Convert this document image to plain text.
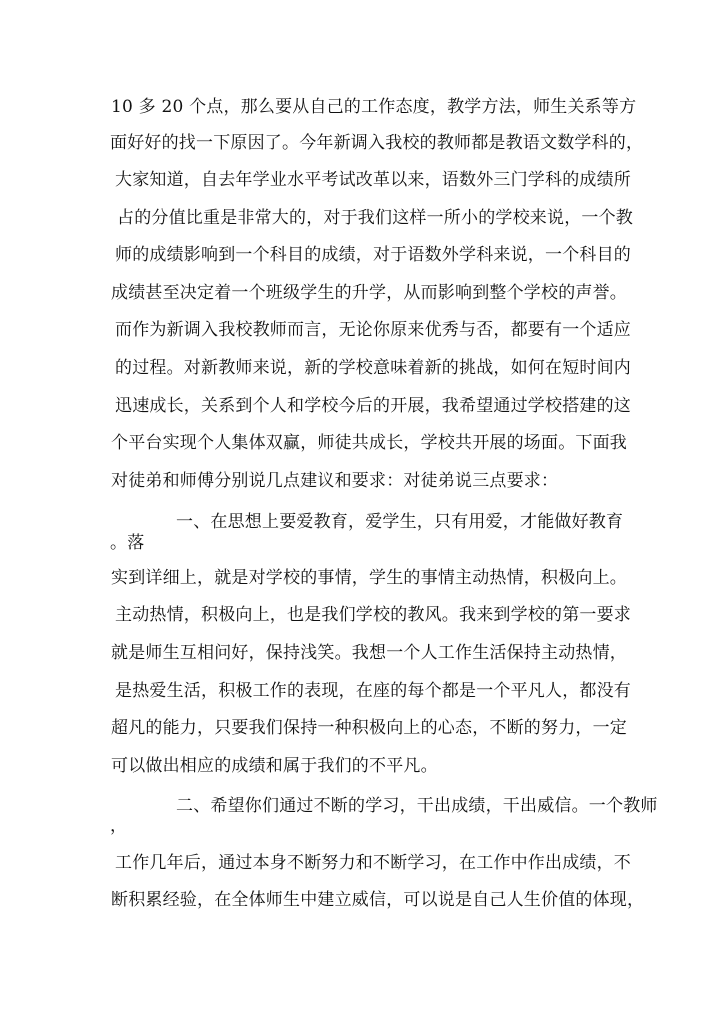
10 多 20 个点，那么要从自己的工作态度，教学方法，师生关系等方
面好好的找一下原因了。今年新调入我校的教师都是教语文数学科的，
大家知道，自去年学业水平考试改革以来，语数外三门学科的成绩所
占的分值比重是非常大的，对于我们这样一所小的学校来说，一个教
师的成绩影响到一个科目的成绩，对于语数外学科来说，一个科目的
成绩甚至决定着一个班级学生的升学，从而影响到整个学校的声誉。
而作为新调入我校教师而言，无论你原来优秀与否，都要有一个适应
的过程。对新教师来说，新的学校意味着新的挑战，如何在短时间内
迅速成长，关系到个人和学校今后的开展，我希望通过学校搭建的这
个平台实现个人集体双赢，师徒共成长，学校共开展的场面。下面我
对徒弟和师傅分别说几点建议和要求：对徒弟说三点要求：
一、在思想上要爱教育，爱学生，只有用爱，才能做好教育
。落
实到详细上，就是对学校的事情，学生的事情主动热情，积极向上。
主动热情，积极向上，也是我们学校的教风。我来到学校的第一要求
就是师生互相问好，保持浅笑。我想一个人工作生活保持主动热情，
是热爱生活，积极工作的表现，在座的每个都是一个平凡人，都没有
超凡的能力，只要我们保持一种积极向上的心态，不断的努力，一定
可以做出相应的成绩和属于我们的不平凡。
二、希望你们通过不断的学习，干出成绩，干出威信。一个教师
，
工作几年后，通过本身不断努力和不断学习，在工作中作出成绩，不
断积累经验，在全体师生中建立威信，可以说是自己人生价值的体现，
